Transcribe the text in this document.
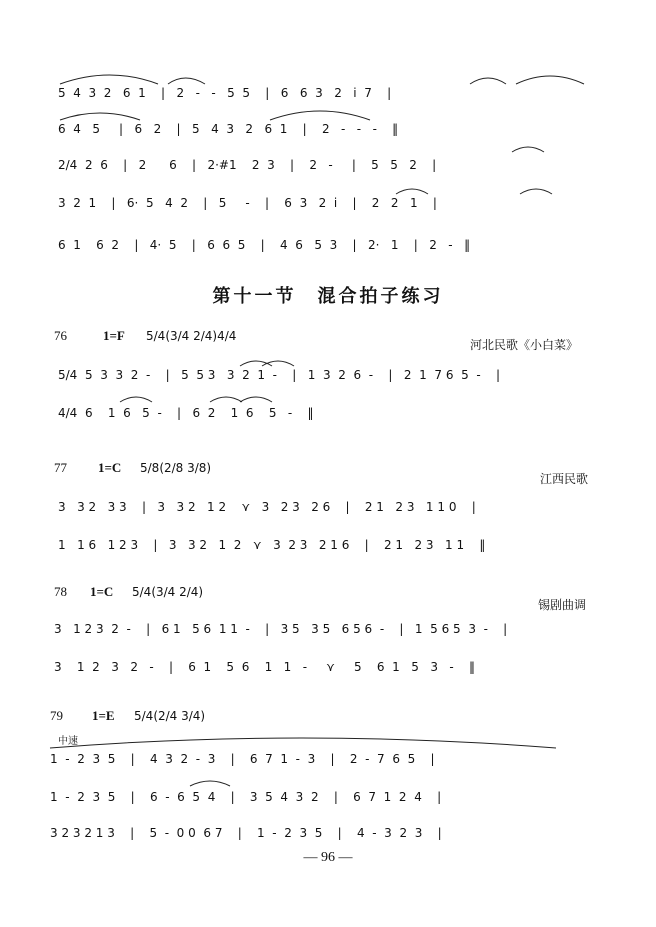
5  4  3  2   6  1    |   2   -   -   5  5    |   6   6  3   2   i  7    |
6  4   5     |   6   2    |   5   4  3   2   6  1    |    2   -   -   -    ‖
2/4  2  6    |   2      6    |   2·#1    2  3    |    2   -     |    5   5   2    |
3  2  1    |   6·  5   4  2    |   5     -    |    6  3   2  i    |    2   2   1    |
6  1    6  2    |   4·  5    |   6  6  5    |    4  6   5  3    |   2·   1    |   2   -   ‖
第十一节　混合拍子练习
76	1=F 5/4(3/4 2/4)4/4
河北民歌《小白菜》
5/4  5  3  3  2  -    |   5  5 3   3  2  1  -    |   1  3  2  6  -    |   2  1  7 6  5  -    |
4/4  6    1  6   5  -    |   6  2    1  6    5   -    ‖
77 1=C 5/8(2/8 3/8)
江西民歌
3   3 2   3 3    |   3   3 2   1 2    ⋎   3   2 3   2 6    |    2 1   2 3   1 1 0    |
1   1 6   1 2 3    |   3   3 2   1  2   ⋎   3  2 3   2 1 6    |    2 1   2 3   1 1    ‖
78 1=C 5/4(3/4 2/4)
锡剧曲调
3   1 2 3  2  -    |   6 1   5 6  1 1  -    |   3 5   3 5   6 5 6  -    |   1  5 6 5  3  -    |
3    1  2   3   2   -    |    6  1    5  6    1   1   -     ⋎     5    6  1   5   3   -    ‖
79 1=E 5/4(2/4 3/4)
中速
1  -  2  3  5    |    4  3  2  -  3    |    6  7  1  -  3    |    2  -  7  6  5    |
1  -  2  3  5    |    6  -  6  5  4    |    3  5  4  3  2    |    6  7  1  2  4    |
3 2 3 2 1 3    |    5  -  0 0  6 7    |    1  -  2  3  5    |    4  -  3  2  3    |
— 96 —
